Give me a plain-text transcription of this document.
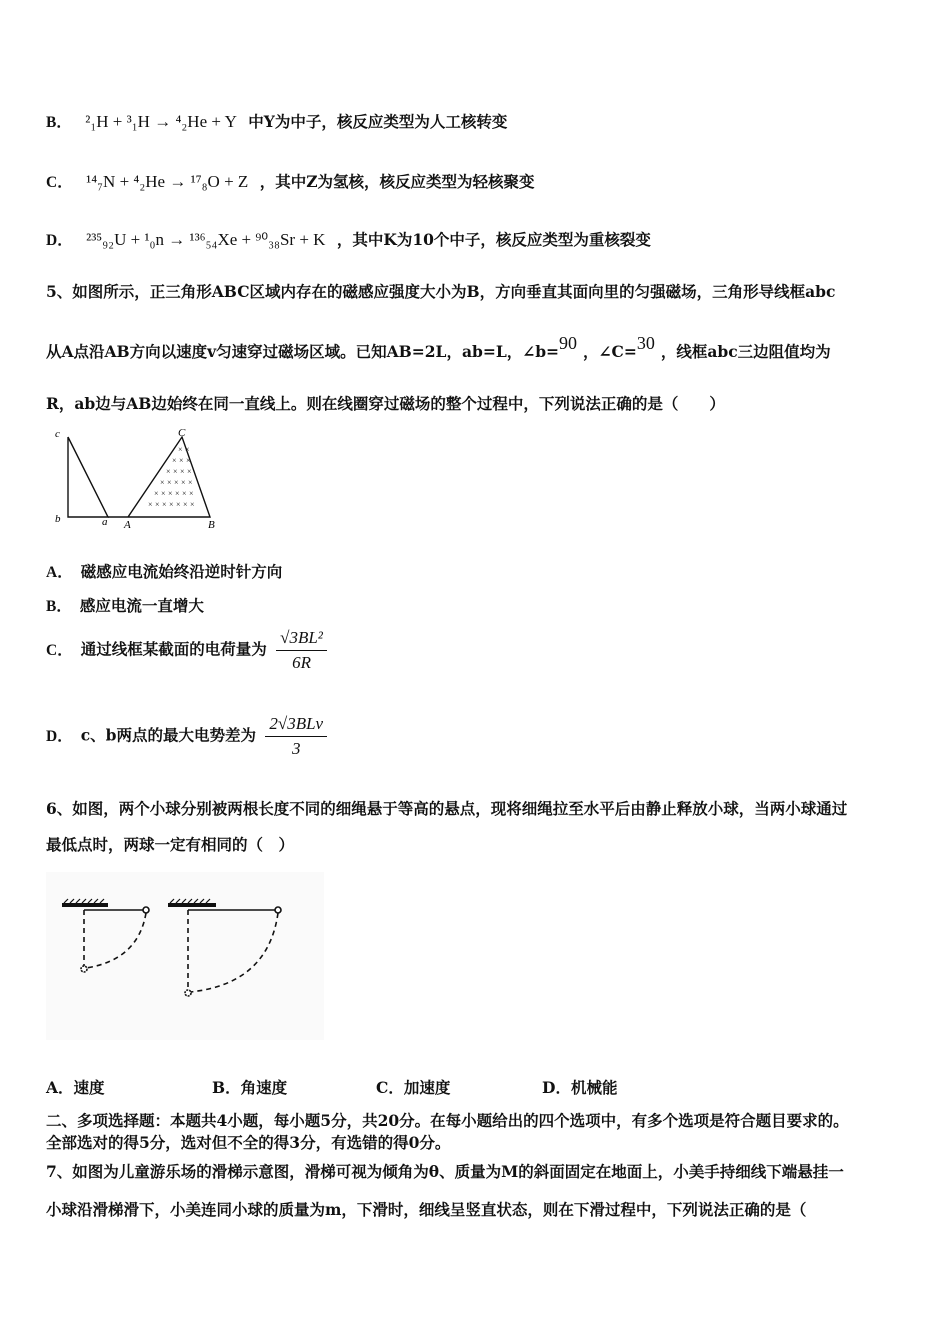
B． ²₁H + ³₁H → ⁴₂He + Y 中Y为中子，核反应类型为人工核转变
C． ¹⁴₇N + ⁴₂He → ¹⁷₈O + Z ，其中Z为氢核，核反应类型为轻核聚变
D． ²³⁵₉₂U + ¹₀n → ¹³⁶₅₄Xe + ⁹⁰₃₈Sr + K ，其中K为10个中子，核反应类型为重核裂变
5、如图所示，正三角形ABC区域内存在的磁感应强度大小为B，方向垂直其面向里的匀强磁场，三角形导线框abc
从A点沿AB方向以速度v匀速穿过磁场区域。已知AB=2L，ab=L，∠b=90 ，∠C=30 ，线框abc三边阻值均为
R，ab边与AB边始终在同一直线上。则在线圈穿过磁场的整个过程中，下列说法正确的是（　　）
× ×
× × ×
× × × ×
× × × × ×
× × × × × ×
× × × × × × ×
c	C
b	a A	B
A． 磁感应电流始终沿逆时针方向
B． 感应电流一直增大
C． 通过线框某截面的电荷量为 $\frac{\text{√3BL²}}{6R}$
D． c、b两点的最大电势差为 $\frac{\text{2√3BLv}}{3}$
6、如图，两个小球分别被两根长度不同的细绳悬于等高的悬点，现将细绳拉至水平后由静止释放小球，当两小球通过
最低点时，两球一定有相同的（　）
A．速度	B．角速度	C．加速度	D．机械能
二、多项选择题：本题共4小题，每小题5分，共20分。在每小题给出的四个选项中，有多个选项是符合题目要求的。
全部选对的得5分，选对但不全的得3分，有选错的得0分。
7、如图为儿童游乐场的滑梯示意图，滑梯可视为倾角为θ、质量为M的斜面固定在地面上，小美手持细线下端悬挂一
小球沿滑梯滑下，小美连同小球的质量为m，下滑时，细线呈竖直状态，则在下滑过程中，下列说法正确的是（
